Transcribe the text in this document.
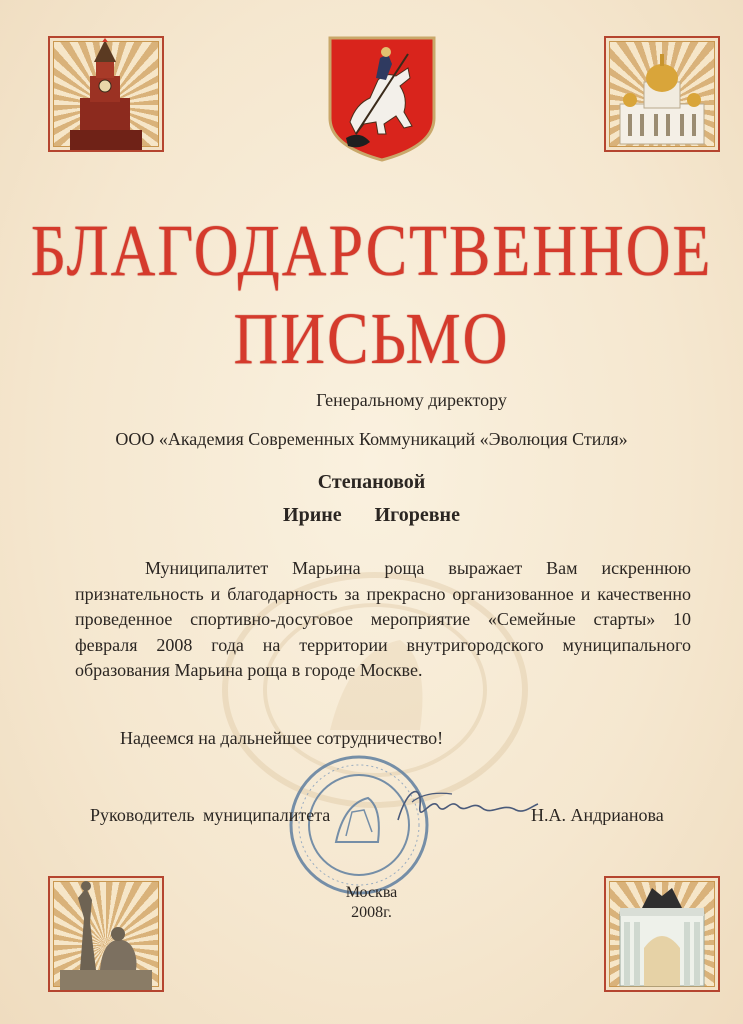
БЛАГОДАРСТВЕННОЕ
ПИСЬМО
Генеральному директору
ООО «Академия Современных Коммуникаций «Эволюция Стиля»
Степановой
Ирине   Игоревне

Муниципалитет Марьина роща выражает Вам искреннюю признательность и благодарность за прекрасно организованное и качественно проведенное спортивно-досуговое мероприятие «Семейные старты» 10 февраля 2008 года на территории внутригородского муниципального образования Марьина роща в городе Москве.

Надеемся на дальнейшее сотрудничество!
Руководитель муниципалитета	Н.А. Андрианова
Москва
2008г.
